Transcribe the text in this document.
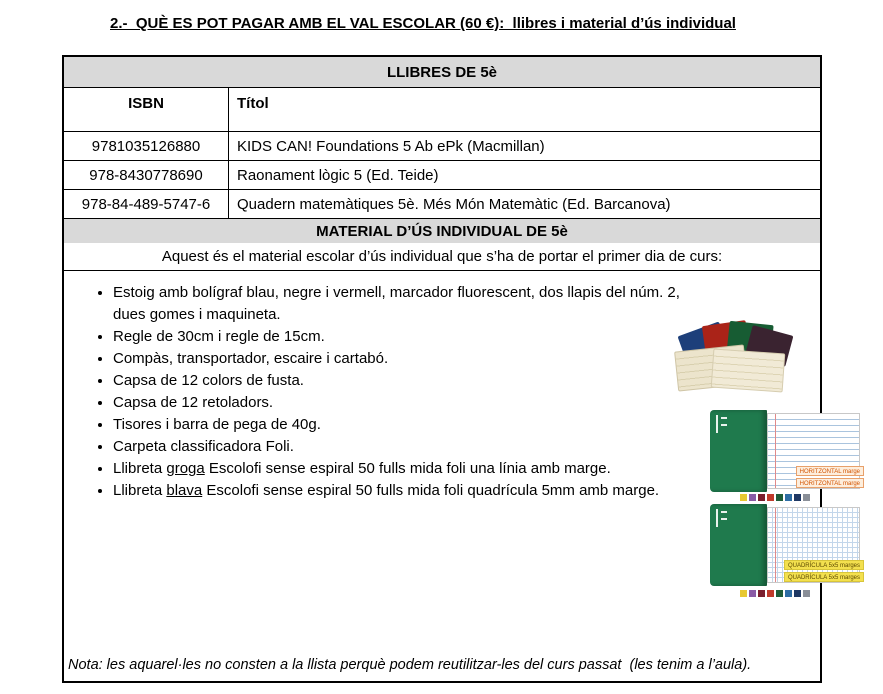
2.-  QUÈ ES POT PAGAR AMB EL VAL ESCOLAR (60 €):  llibres i material d’ús individual
LLIBRES DE 5è
ISBN	Títol
9781035126880	KIDS CAN! Foundations 5 Ab ePk (Macmillan)
978-8430778690	Raonament lògic 5 (Ed. Teide)
978-84-489-5747-6	Quadern matemàtiques 5è. Més Món Matemàtic (Ed. Barcanova)
MATERIAL D’ÚS INDIVIDUAL DE 5è
Aquest és el material escolar d’ús individual que s’ha de portar el primer dia de curs:
• Estoig amb bolígraf blau, negre i vermell, marcador fluorescent, dos llapis del núm. 2, dues gomes i maquineta.
• Regle de 30cm i regle de 15cm.
• Compàs, transportador, escaire i cartabó.
• Capsa de 12 colors de fusta.
• Capsa de 12 retoladors.
• Tisores i barra de pega de 40g.
• Carpeta classificadora Foli.
• Llibreta groga Escolofi sense espiral 50 fulls mida foli una línia amb marge.
• Llibreta blava Escolofi sense espiral 50 fulls mida foli quadrícula 5mm amb marge.
HORITZONTAL marge
HORITZONTAL marge
QUADRÍCULA 5x5 marges
QUADRÍCULA 5x5 marges
Nota: les aquarel·les no consten a la llista perquè podem reutilitzar-les del curs passat  (les tenim a l’aula).
